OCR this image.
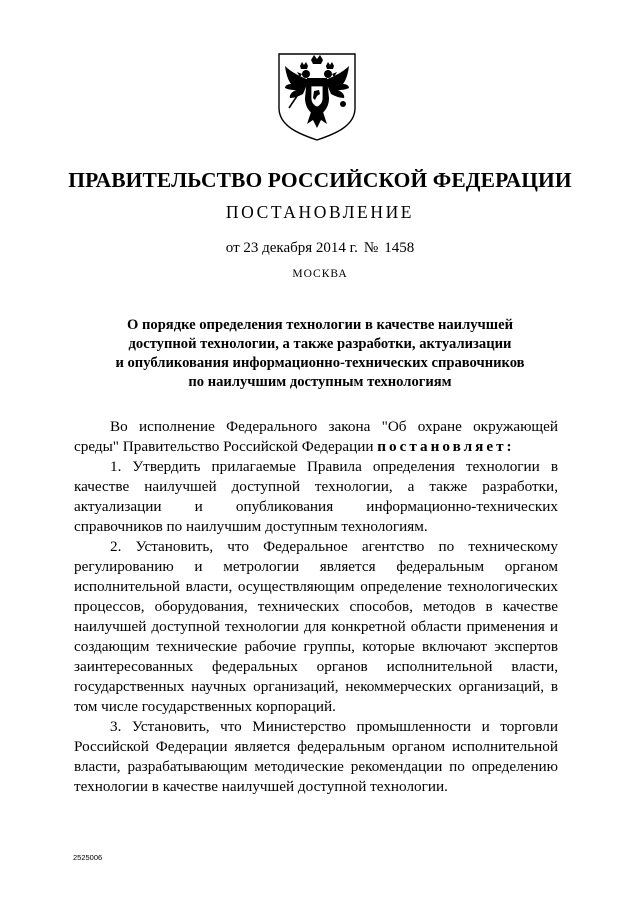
ПРАВИТЕЛЬСТВО РОССИЙСКОЙ ФЕДЕРАЦИИ
ПОСТАНОВЛЕНИЕ
от 23 декабря 2014 г. № 1458
МОСКВА
О порядке определения технологии в качестве наилучшей
доступной технологии, а также разработки, актуализации
и опубликования информационно-технических справочников
по наилучшим доступным технологиям

Во исполнение Федерального закона "Об охране окружающей среды" Правительство Российской Федерации постановляет:

1. Утвердить прилагаемые Правила определения технологии в качестве наилучшей доступной технологии, а также разработки, актуализации и опубликования информационно-технических справочников по наилучшим доступным технологиям.

2. Установить, что Федеральное агентство по техническому регулированию и метрологии является федеральным органом исполнительной власти, осуществляющим определение технологических процессов, оборудования, технических способов, методов в качестве наилучшей доступной технологии для конкретной области применения и создающим технические рабочие группы, которые включают экспертов заинтересованных федеральных органов исполнительной власти, государственных научных организаций, некоммерческих организаций, в том числе государственных корпораций.

3. Установить, что Министерство промышленности и торговли Российской Федерации является федеральным органом исполнительной власти, разрабатывающим методические рекомендации по определению технологии в качестве наилучшей доступной технологии.

2525006
